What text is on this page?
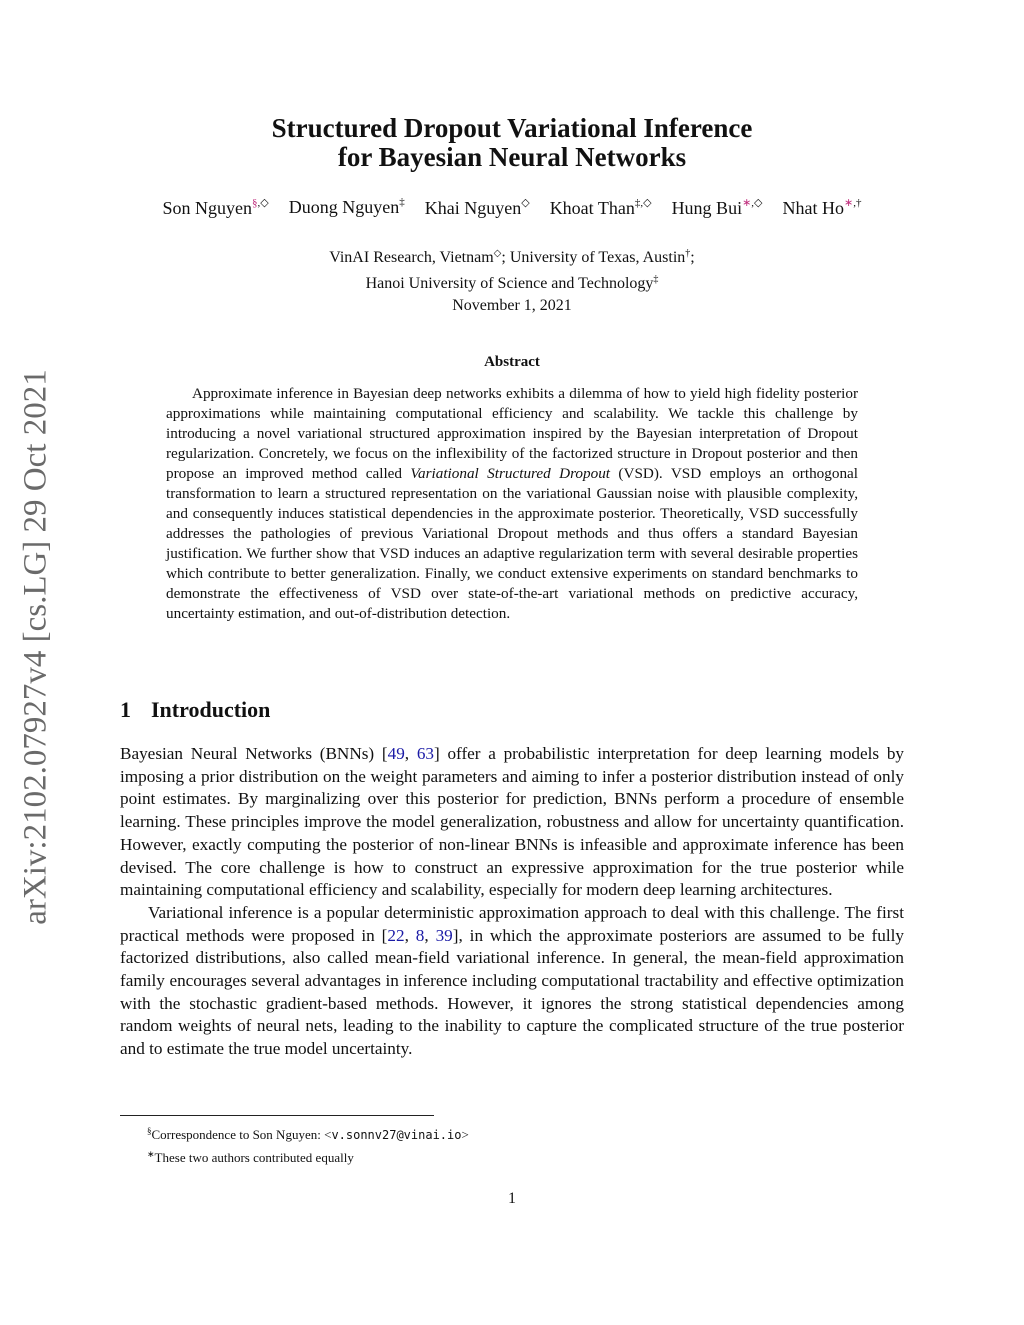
arXiv:2102.07927v4 [cs.LG] 29 Oct 2021
Structured Dropout Variational Inference
for Bayesian Neural Networks
Son Nguyen§,◇ Duong Nguyen‡ Khai Nguyen◇ Khoat Than‡,◇ Hung Bui∗,◇ Nhat Ho∗,†
VinAI Research, Vietnam◇; University of Texas, Austin†;
Hanoi University of Science and Technology‡
November 1, 2021
Abstract
Approximate inference in Bayesian deep networks exhibits a dilemma of how to yield high fidelity posterior approximations while maintaining computational efficiency and scalability. We tackle this challenge by introducing a novel variational structured approximation inspired by the Bayesian interpretation of Dropout regularization. Concretely, we focus on the inflexibility of the factorized structure in Dropout posterior and then propose an improved method called Variational Structured Dropout (VSD). VSD employs an orthogonal transformation to learn a structured representation on the variational Gaussian noise with plausible complexity, and consequently induces statistical dependencies in the approximate posterior. Theoretically, VSD successfully addresses the pathologies of previous Variational Dropout methods and thus offers a standard Bayesian justification. We further show that VSD induces an adaptive regularization term with several desirable properties which contribute to better generalization. Finally, we conduct extensive experiments on standard benchmarks to demonstrate the effectiveness of VSD over state-of-the-art variational methods on predictive accuracy, uncertainty estimation, and out-of-distribution detection.
1 Introduction

Bayesian Neural Networks (BNNs) [49, 63] offer a probabilistic interpretation for deep learning models by imposing a prior distribution on the weight parameters and aiming to infer a posterior distribution instead of only point estimates. By marginalizing over this posterior for prediction, BNNs perform a procedure of ensemble learning. These principles improve the model generalization, robustness and allow for uncertainty quantification. However, exactly computing the posterior of non-linear BNNs is infeasible and approximate inference has been devised. The core challenge is how to construct an expressive approximation for the true posterior while maintaining computational efficiency and scalability, especially for modern deep learning architectures.

Variational inference is a popular deterministic approximation approach to deal with this challenge. The first practical methods were proposed in [22, 8, 39], in which the approximate posteriors are assumed to be fully factorized distributions, also called mean-field variational inference. In general, the mean-field approximation family encourages several advantages in inference including computational tractability and effective optimization with the stochastic gradient-based methods. However, it ignores the strong statistical dependencies among random weights of neural nets, leading to the inability to capture the complicated structure of the true posterior and to estimate the true model uncertainty.

§Correspondence to Son Nguyen: <v.sonnv27@vinai.io>
∗These two authors contributed equally
1
